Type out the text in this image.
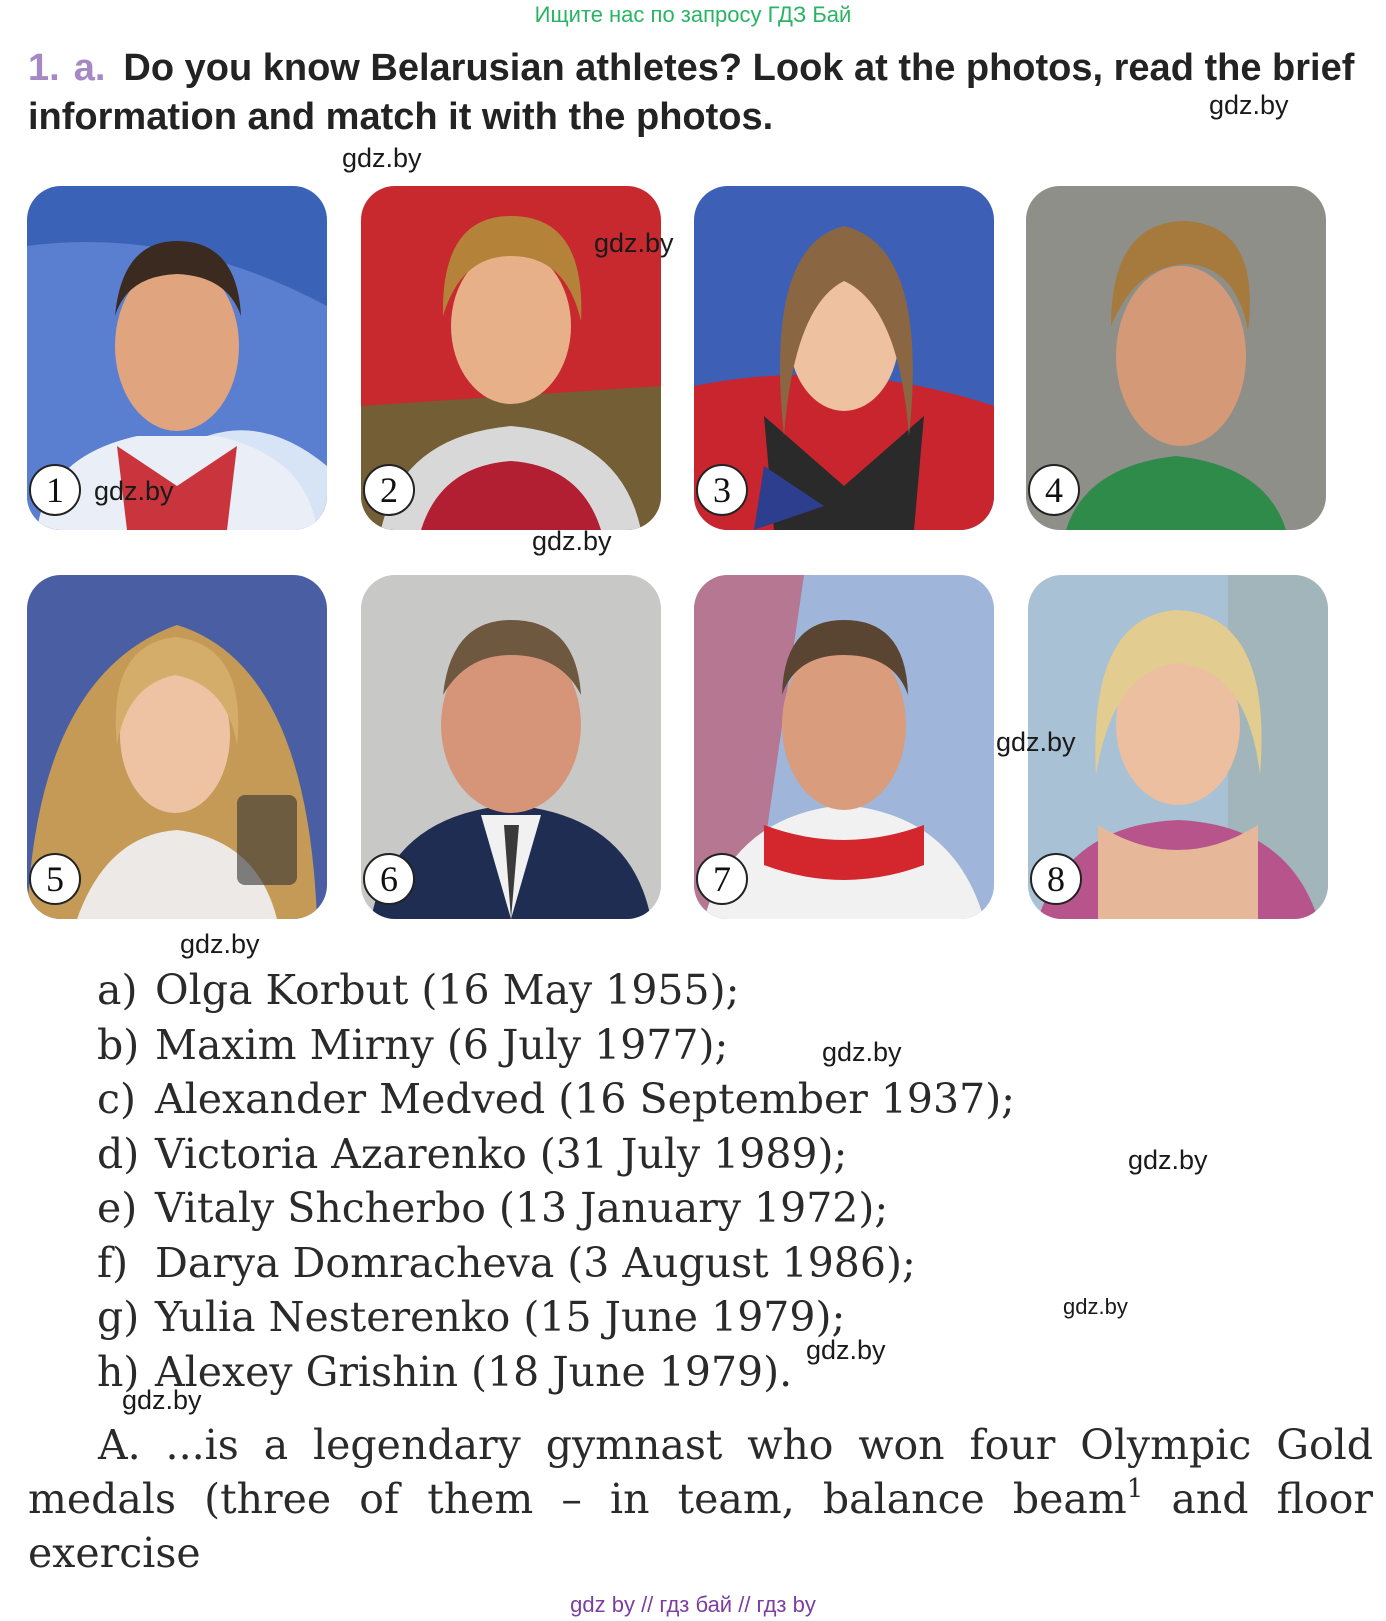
Ищите нас по запросу ГДЗ Бай
1. a. Do you know Belarusian athletes? Look at the photos, read the brief information and match it with the photos.
1	2	3	4
5	6	7	8
gdz.by
gdz.by
gdz.by
gdz.by
gdz.by
gdz.by
gdz.by
gdz.by
gdz.by
gdz.by
gdz.by
gdz.by
a) Olga Korbut (16 May 1955);
b) Maxim Mirny (6 July 1977);
c) Alexander Medved (16 September 1937);
d) Victoria Azarenko (31 July 1989);
e) Vitaly Shcherbo (13 January 1972);
f) Darya Domracheva (3 August 1986);
g) Yulia Nesterenko (15 June 1979);
h) Alexey Grishin (18 June 1979).
A. ...is a legendary gymnast who won four Olympic Gold
medals (three of them – in team, balance beam$^1$ and floor exercise
gdz by // гдз бай // гдз by
